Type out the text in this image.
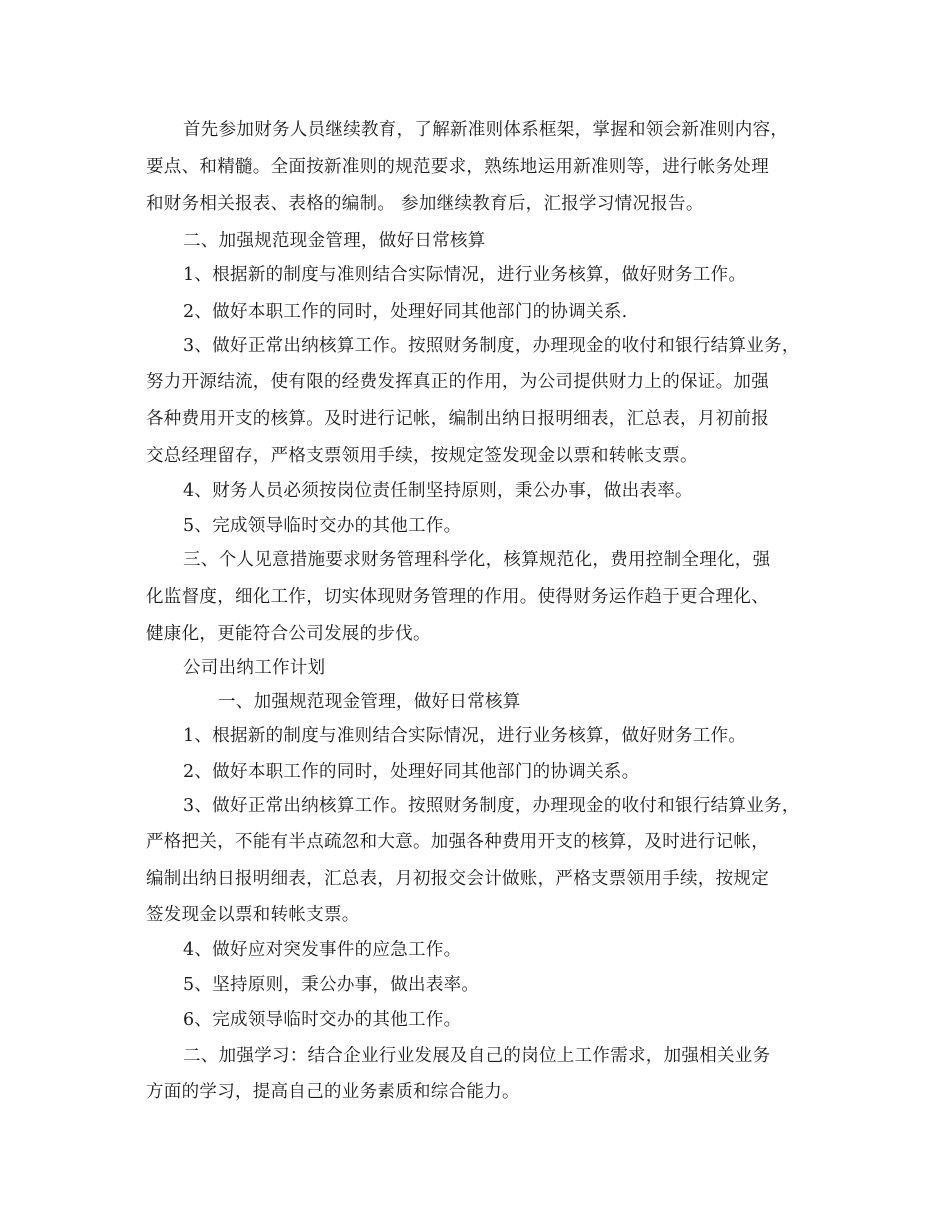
首先参加财务人员继续教育，了解新准则体系框架，掌握和领会新准则内容，

要点、和精髓。全面按新准则的规范要求，熟练地运用新准则等，进行帐务处理

和财务相关报表、表格的编制。 参加继续教育后，汇报学习情况报告。

二、加强规范现金管理，做好日常核算

1、根据新的制度与准则结合实际情况，进行业务核算，做好财务工作。

2、做好本职工作的同时，处理好同其他部门的协调关系.

3、做好正常出纳核算工作。按照财务制度，办理现金的收付和银行结算业务，

努力开源结流，使有限的经费发挥真正的作用，为公司提供财力上的保证。加强

各种费用开支的核算。及时进行记帐，编制出纳日报明细表，汇总表，月初前报

交总经理留存，严格支票领用手续，按规定签发现金以票和转帐支票。

4、财务人员必须按岗位责任制坚持原则，秉公办事，做出表率。

5、完成领导临时交办的其他工作。

三、个人见意措施要求财务管理科学化，核算规范化，费用控制全理化，强

化监督度，细化工作，切实体现财务管理的作用。使得财务运作趋于更合理化、

健康化，更能符合公司发展的步伐。

公司出纳工作计划

一、加强规范现金管理，做好日常核算

1、根据新的制度与准则结合实际情况，进行业务核算，做好财务工作。

2、做好本职工作的同时，处理好同其他部门的协调关系。

3、做好正常出纳核算工作。按照财务制度，办理现金的收付和银行结算业务，

严格把关，不能有半点疏忽和大意。加强各种费用开支的核算，及时进行记帐，

编制出纳日报明细表，汇总表，月初报交会计做账，严格支票领用手续，按规定

签发现金以票和转帐支票。

4、做好应对突发事件的应急工作。

5、坚持原则，秉公办事，做出表率。

6、完成领导临时交办的其他工作。

二、加强学习：结合企业行业发展及自己的岗位上工作需求，加强相关业务

方面的学习，提高自己的业务素质和综合能力。
